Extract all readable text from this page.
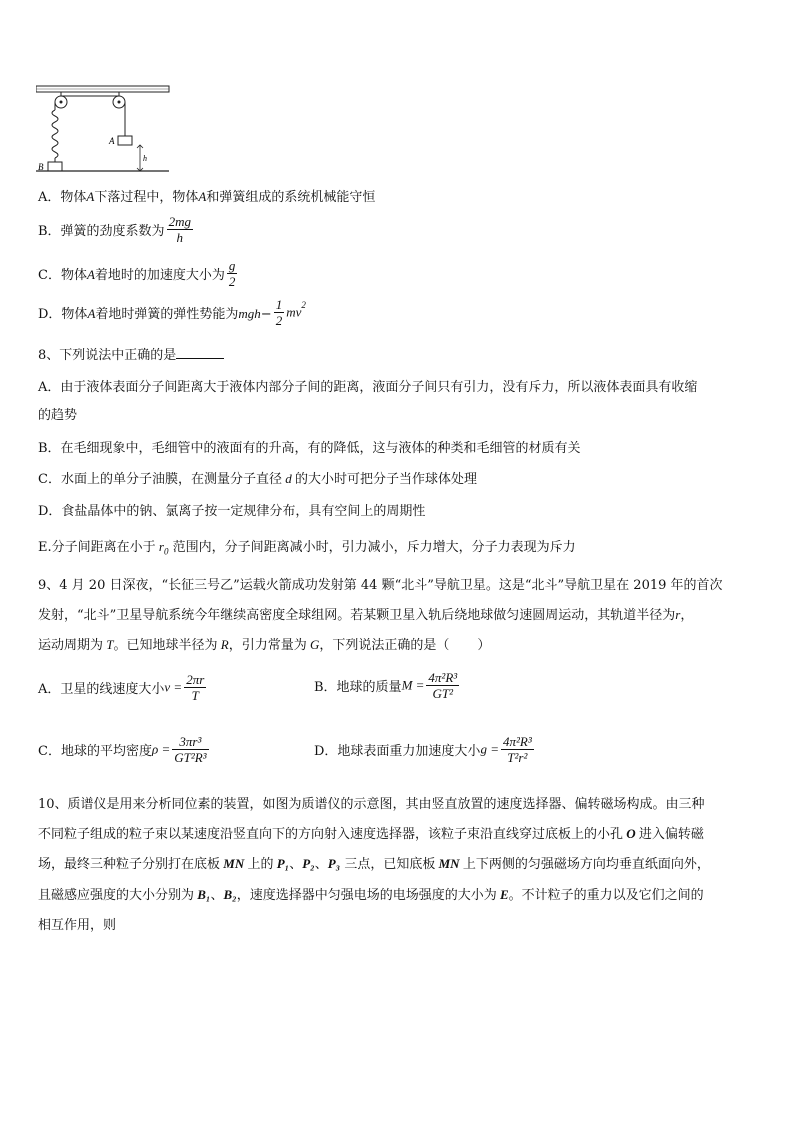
B
A
h
A．物体A下落过程中，物体A和弹簧组成的系统机械能守恒
B．弹簧的劲度系数为 $\frac{2mg}{h}$
C．物体A着地时的加速度大小为 $\frac{g}{2}$
D．物体A着地时弹簧的弹性势能为$mgh- \frac{1}{2} mv^2$
8、下列说法中正确的是
A．由于液体表面分子间距离大于液体内部分子间的距离，液面分子间只有引力，没有斥力，所以液体表面具有收缩
的趋势
B．在毛细现象中，毛细管中的液面有的升高，有的降低，这与液体的种类和毛细管的材质有关
C．水面上的单分子油膜，在测量分子直径 d 的大小时可把分子当作球体处理
D．食盐晶体中的钠、氯离子按一定规律分布，具有空间上的周期性
E.分子间距离在小于 $r_0$ 范围内，分子间距离减小时，引力减小，斥力增大，分子力表现为斥力
9、4 月 20 日深夜，“长征三号乙”运载火箭成功发射第 44 颗“北斗”导航卫星。这是“北斗”导航卫星在 2019 年的首次
发射，“北斗”卫星导航系统今年继续高密度全球组网。若某颗卫星入轨后绕地球做匀速圆周运动，其轨道半径为r，
运动周期为 T。已知地球半径为 R，引力常量为 G，下列说法正确的是（ ）
A．卫星的线速度大小$v = \frac{2\pi r}{T}$	B．地球的质量$M = \frac{\text{4π²R³}}{\text{GT²}}$
C．地球的平均密度$\rho = \frac{\text{3πr³}}{\text{GT²R³}}$	D．地球表面重力加速度大小$g = \frac{\text{4π²R³}}{\text{T²r²}}$
10、质谱仪是用来分析同位素的装置，如图为质谱仪的示意图，其由竖直放置的速度选择器、偏转磁场构成。由三种
不同粒子组成的粒子束以某速度沿竖直向下的方向射入速度选择器，该粒子束沿直线穿过底板上的小孔 O 进入偏转磁
场，最终三种粒子分别打在底板 MN 上的 P₁、P₂、P₃ 三点，已知底板 MN 上下两侧的匀强磁场方向均垂直纸面向外，
且磁感应强度的大小分别为 B₁、B₂，速度选择器中匀强电场的电场强度的大小为 E。不计粒子的重力以及它们之间的
相互作用，则
